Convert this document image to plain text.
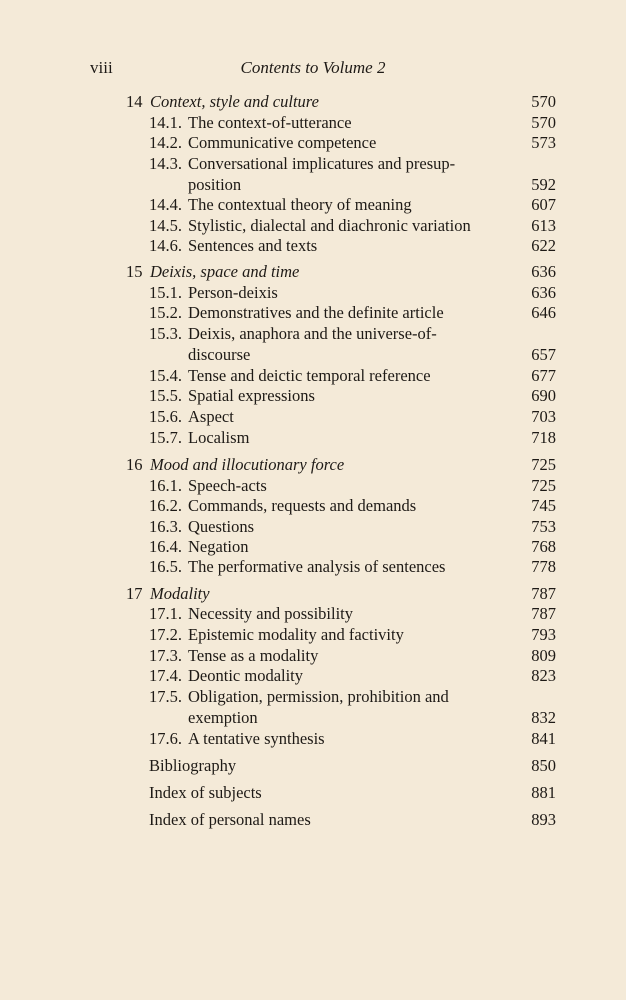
viii	Contents to Volume 2
14 Context, style and culture	570
14.1. The context-of-utterance	570
14.2. Communicative competence	573
14.3. Conversational implicatures and presup-
position	592
14.4. The contextual theory of meaning	607
14.5. Stylistic, dialectal and diachronic variation	613
14.6. Sentences and texts	622
15 Deixis, space and time	636
15.1. Person-deixis	636
15.2. Demonstratives and the definite article	646
15.3. Deixis, anaphora and the universe-of-
discourse	657
15.4. Tense and deictic temporal reference	677
15.5. Spatial expressions	690
15.6. Aspect	703
15.7. Localism	718
16 Mood and illocutionary force	725
16.1. Speech-acts	725
16.2. Commands, requests and demands	745
16.3. Questions	753
16.4. Negation	768
16.5. The performative analysis of sentences	778
17 Modality	787
17.1. Necessity and possibility	787
17.2. Epistemic modality and factivity	793
17.3. Tense as a modality	809
17.4. Deontic modality	823
17.5. Obligation, permission, prohibition and
exemption	832
17.6. A tentative synthesis	841
Bibliography	850
Index of subjects	881
Index of personal names	893
